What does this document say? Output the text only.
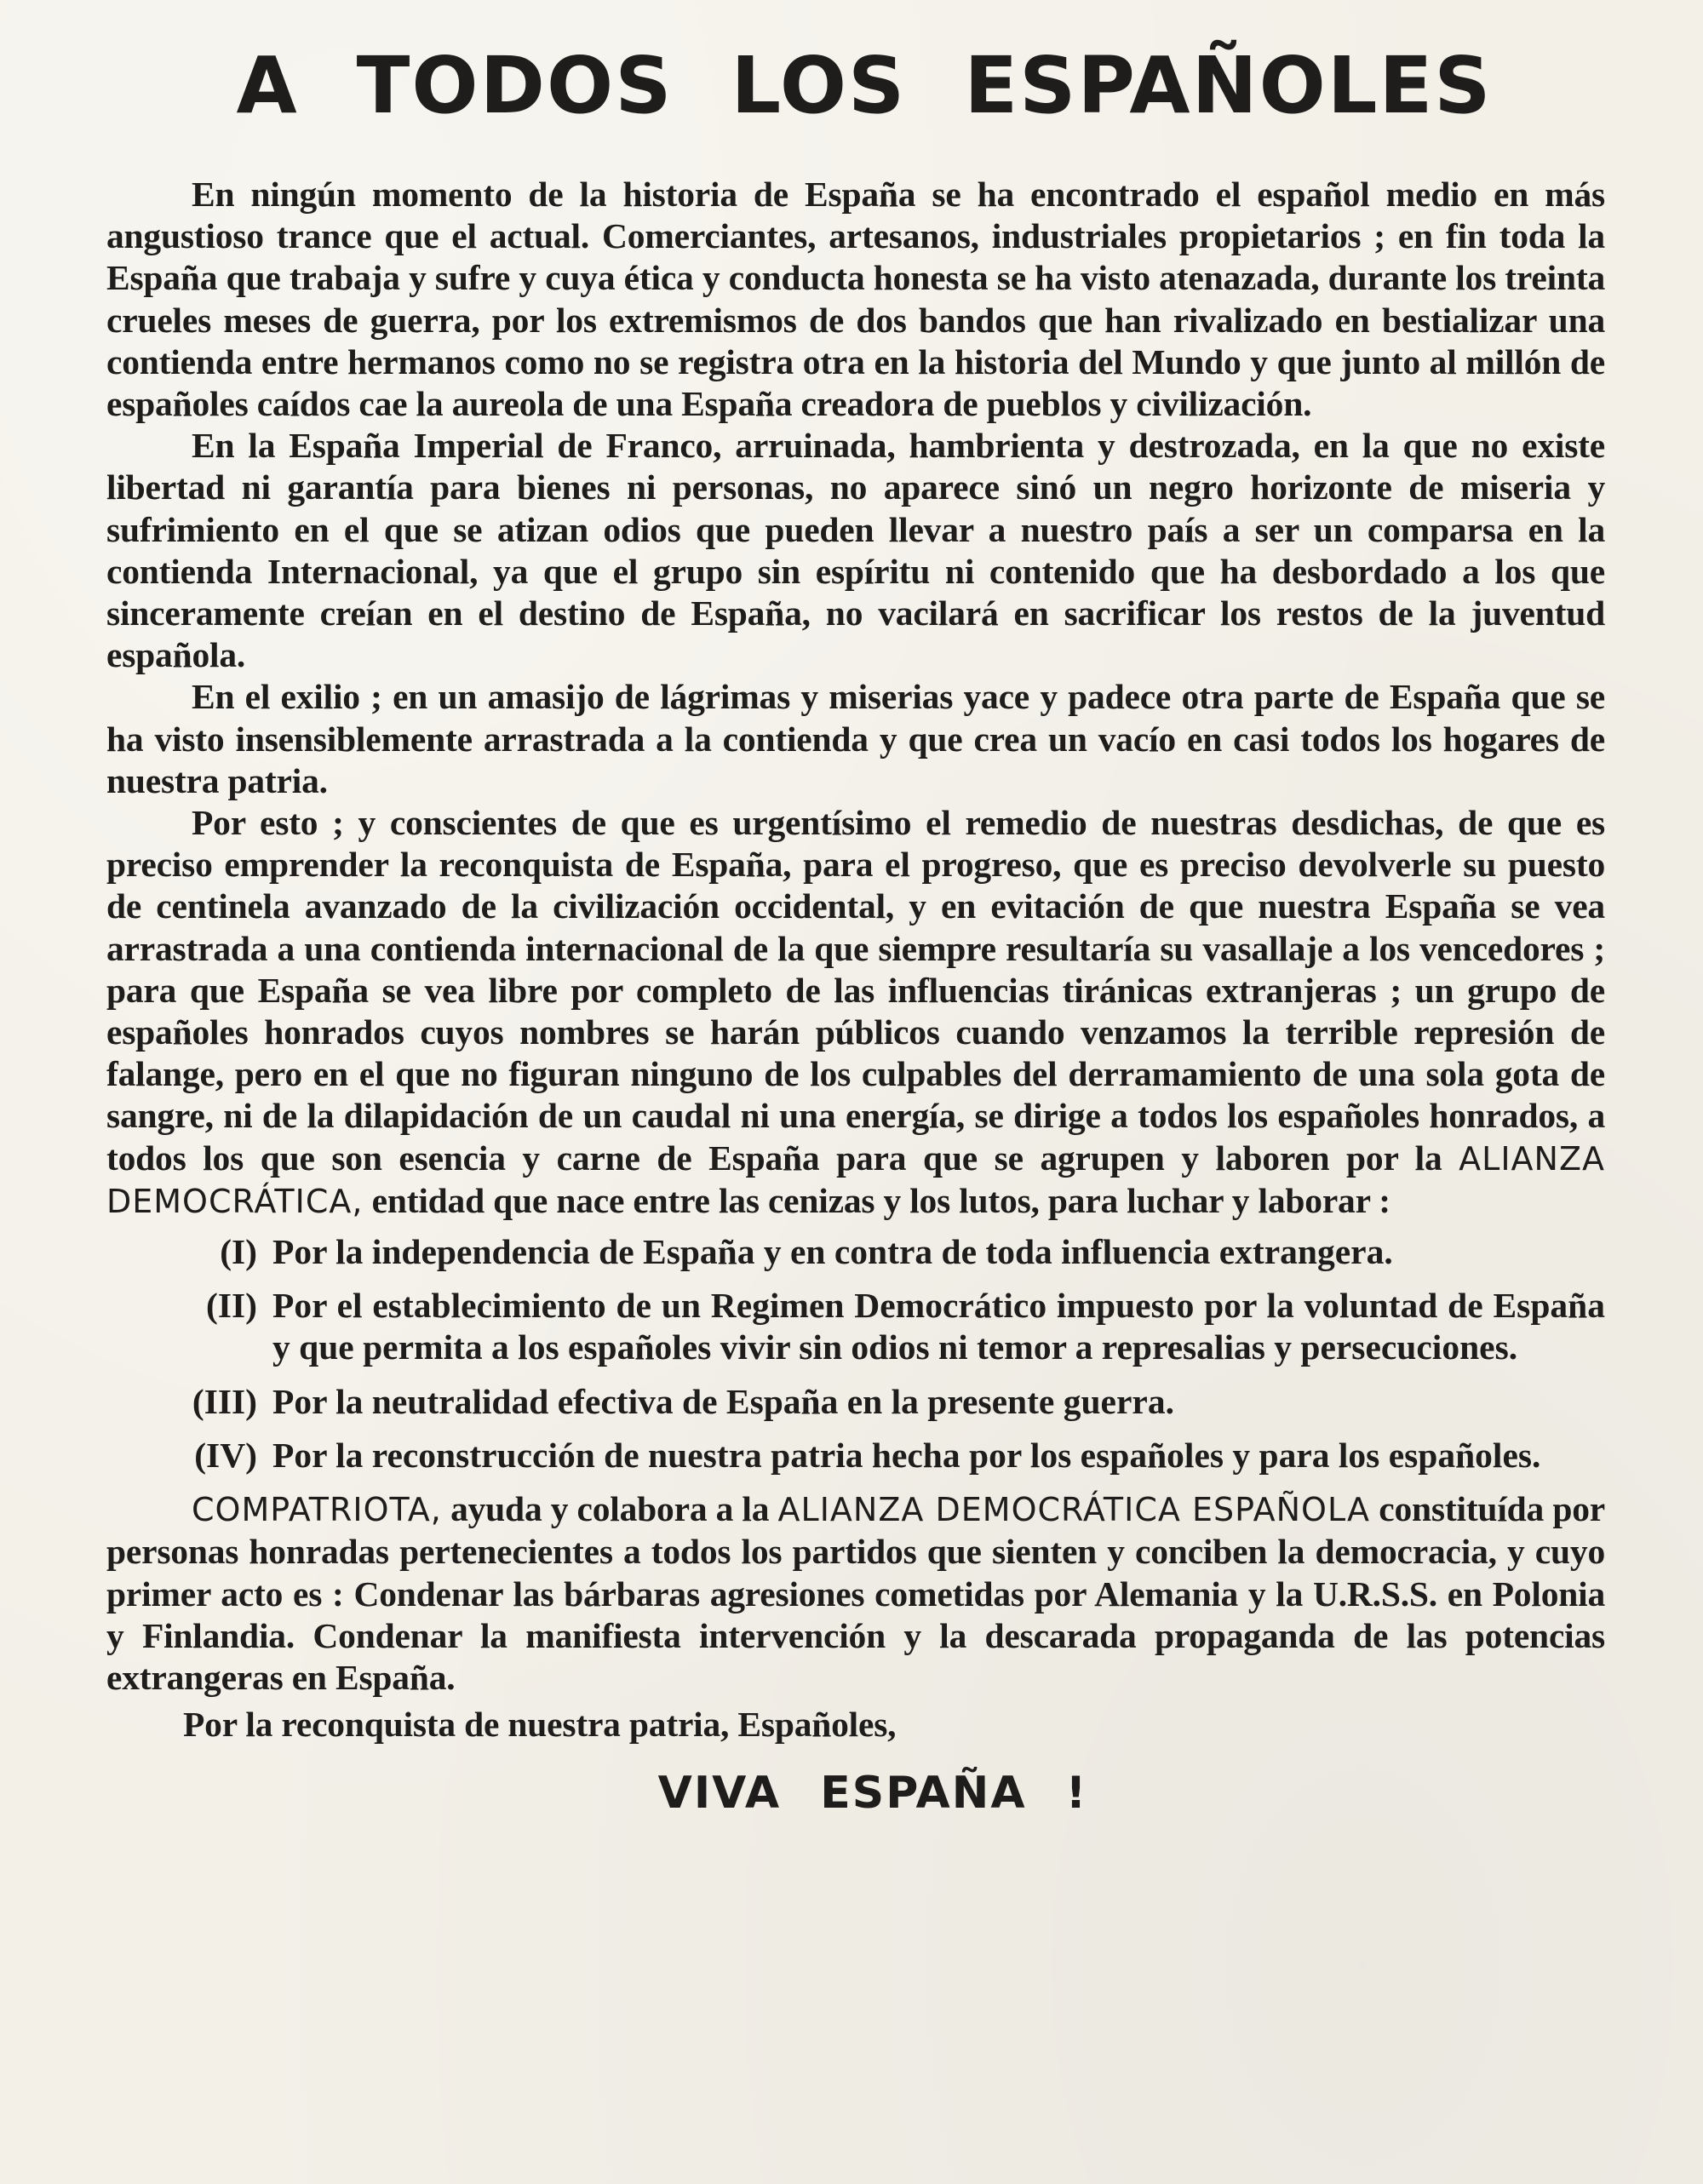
A TODOS LOS ESPAÑOLES

En ningún momento de la historia de España se ha encontrado el español medio en más angustioso trance que el actual. Comerciantes, artesanos, industriales propietarios ; en fin toda la España que trabaja y sufre y cuya ética y conducta honesta se ha visto atenazada, durante los treinta crueles meses de guerra, por los extremismos de dos bandos que han rivalizado en bestializar una contienda entre hermanos como no se registra otra en la historia del Mundo y que junto al millón de españoles caídos cae la aureola de una España creadora de pueblos y civilización.

En la España Imperial de Franco, arruinada, hambrienta y destrozada, en la que no existe libertad ni garantía para bienes ni personas, no aparece sinó un negro horizonte de miseria y sufrimiento en el que se atizan odios que pueden llevar a nuestro país a ser un comparsa en la contienda Internacional, ya que el grupo sin espíritu ni contenido que ha desbordado a los que sinceramente creían en el destino de España, no vacilará en sacrificar los restos de la juventud española.

En el exilio ; en un amasijo de lágrimas y miserias yace y padece otra parte de España que se ha visto insensiblemente arrastrada a la contienda y que crea un vacío en casi todos los hogares de nuestra patria.

Por esto ; y conscientes de que es urgentísimo el remedio de nuestras desdichas, de que es preciso emprender la reconquista de España, para el progreso, que es preciso devolverle su puesto de centinela avanzado de la civilización occidental, y en evitación de que nuestra España se vea arrastrada a una contienda internacional de la que siempre resultaría su vasallaje a los vencedores ; para que España se vea libre por completo de las influencias tiránicas extranjeras ; un grupo de españoles honrados cuyos nombres se harán públicos cuando venzamos la terrible represión de falange, pero en el que no figuran ninguno de los culpables del derramamiento de una sola gota de sangre, ni de la dilapidación de un caudal ni una energía, se dirige a todos los españoles honrados, a todos los que son esencia y carne de España para que se agrupen y laboren por la ALIANZA DEMOCRÁTICA, entidad que nace entre las cenizas y los lutos, para luchar y laborar :

(I) Por la independencia de España y en contra de toda influencia extrangera.
(II) Por el establecimiento de un Regimen Democrático impuesto por la voluntad de España y que permita a los españoles vivir sin odios ni temor a represalias y persecuciones.
(III) Por la neutralidad efectiva de España en la presente guerra.
(IV) Por la reconstrucción de nuestra patria hecha por los españoles y para los españoles.

COMPATRIOTA, ayuda y colabora a la ALIANZA DEMOCRÁTICA ESPAÑOLA constituída por personas honradas pertenecientes a todos los partidos que sienten y conciben la democracia, y cuyo primer acto es : Condenar las bárbaras agresiones cometidas por Alemania y la U.R.S.S. en Polonia y Finlandia. Condenar la manifiesta intervención y la descarada propaganda de las potencias extrangeras en España.

Por la reconquista de nuestra patria, Españoles,

VIVA ESPAÑA !
